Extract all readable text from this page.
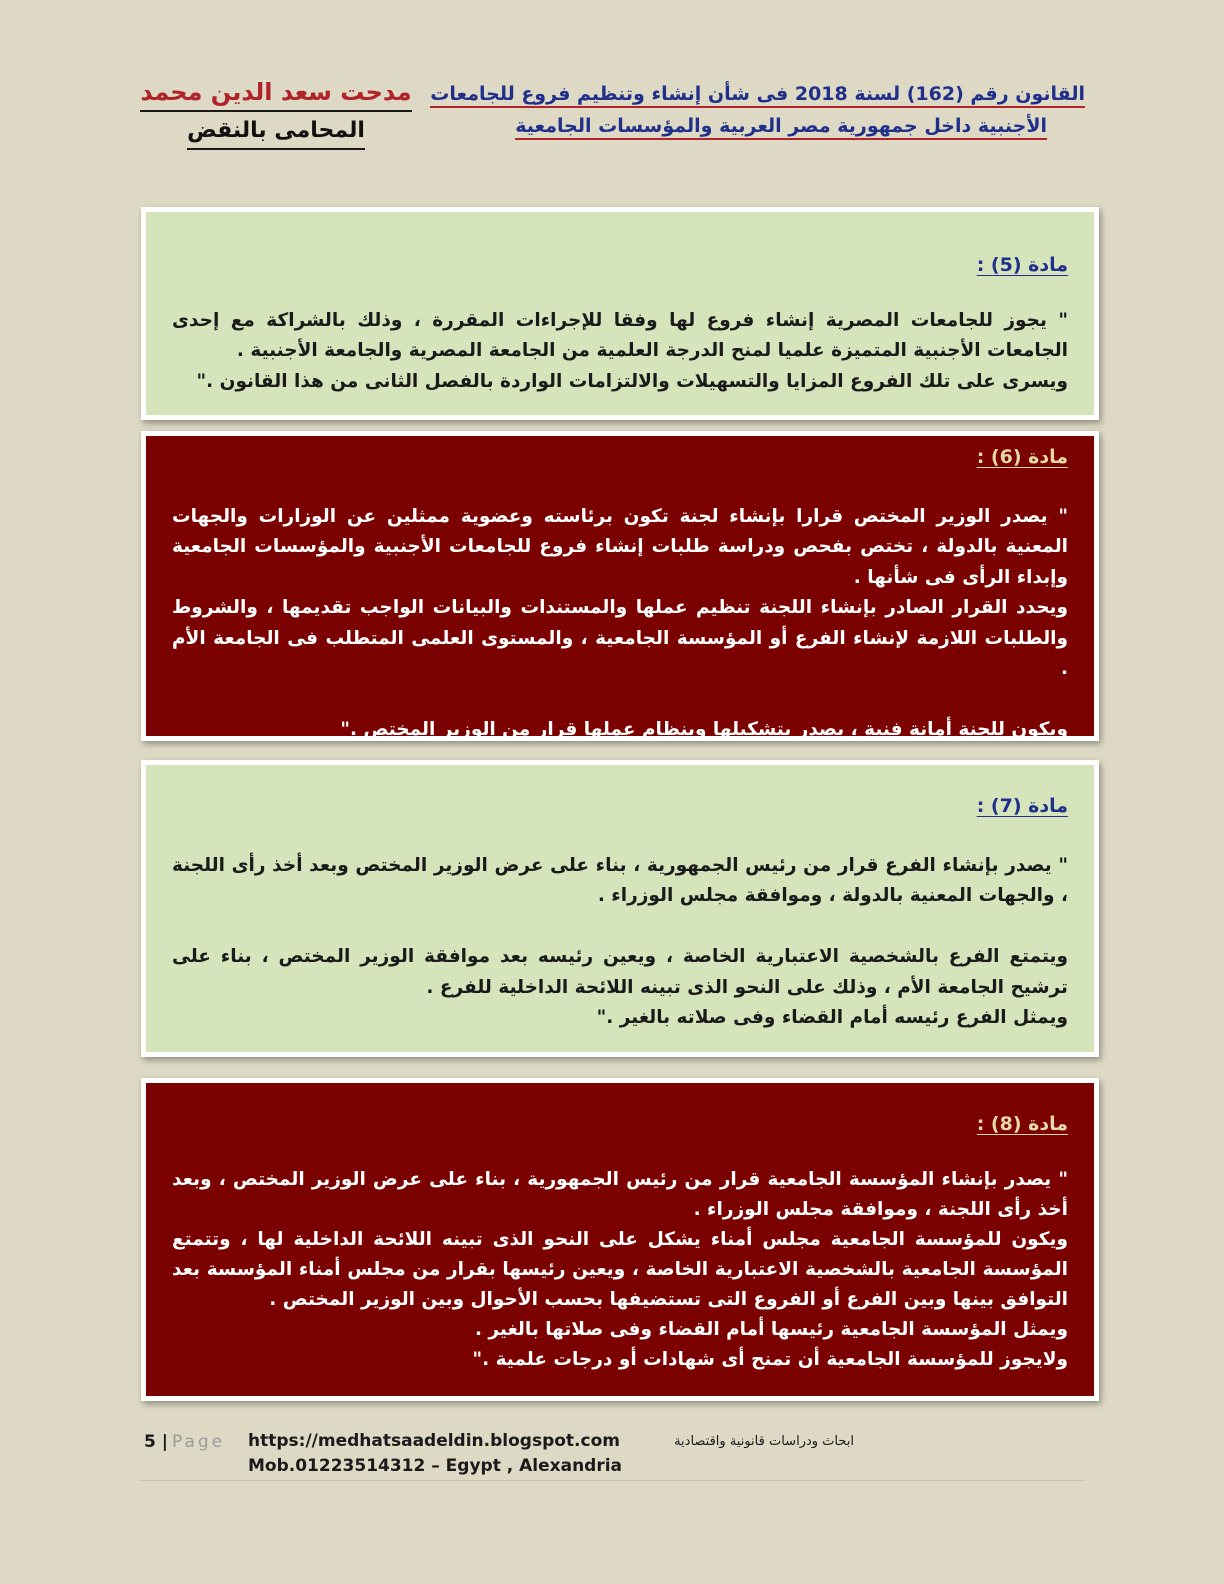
القانون رقم (162) لسنة 2018 فى شأن إنشاء وتنظيم فروع للجامعات
الأجنبية داخل جمهورية مصر العربية والمؤسسات الجامعية
مدحت سعد الدين محمد
المحامى بالنقض
مادة (5) :

" يجوز للجامعات المصرية إنشاء فروع لها وفقا للإجراءات المقررة ، وذلك بالشراكة مع إحدى الجامعات الأجنبية المتميزة علميا لمنح الدرجة العلمية من الجامعة المصرية والجامعة الأجنبية .
ويسرى على تلك الفروع المزايا والتسهيلات والالتزامات الواردة بالفصل الثانى من هذا القانون ."

مادة (6) :

" يصدر الوزير المختص قرارا بإنشاء لجنة تكون برئاسته وعضوية ممثلين عن الوزارات والجهات المعنية بالدولة ، تختص بفحص ودراسة طلبات إنشاء فروع للجامعات الأجنبية والمؤسسات الجامعية وإبداء الرأى فى شأنها .
ويحدد القرار الصادر بإنشاء اللجنة تنظيم عملها والمستندات والبيانات الواجب تقديمها ، والشروط والطلبات اللازمة لإنشاء الفرع أو المؤسسة الجامعية ، والمستوى العلمى المتطلب فى الجامعة الأم .

ويكون للجنة أمانة فنية ، يصدر بتشكيلها وبنظام عملها قرار من الوزير المختص ."

مادة (7) :

" يصدر بإنشاء الفرع قرار من رئيس الجمهورية ، بناء على عرض الوزير المختص وبعد أخذ رأى اللجنة ، والجهات المعنية بالدولة ، وموافقة مجلس الوزراء .

ويتمتع الفرع بالشخصية الاعتبارية الخاصة ، ويعين رئيسه بعد موافقة الوزير المختص ، بناء على ترشيح الجامعة الأم ، وذلك على النحو الذى تبينه اللائحة الداخلية للفرع .
ويمثل الفرع رئيسه أمام القضاء وفى صلاته بالغير ."

مادة (8) :

" يصدر بإنشاء المؤسسة الجامعية قرار من رئيس الجمهورية ، بناء على عرض الوزير المختص ، وبعد أخذ رأى اللجنة ، وموافقة مجلس الوزراء .
ويكون للمؤسسة الجامعية مجلس أمناء يشكل على النحو الذى تبينه اللائحة الداخلية لها ، وتتمتع المؤسسة الجامعية بالشخصية الاعتبارية الخاصة ، ويعين رئيسها بقرار من مجلس أمناء المؤسسة بعد التوافق بينها وبين الفرع أو الفروع التى تستضيفها بحسب الأحوال وبين الوزير المختص .
ويمثل المؤسسة الجامعية رئيسها أمام القضاء وفى صلاتها بالغير .
ولايجوز للمؤسسة الجامعية أن تمنح أى شهادات أو درجات علمية ."

5 | Page https://medhatsaadeldin.blogspot.com	ابحاث ودراسات قانونية واقتصادية
Mob.01223514312 – Egypt , Alexandria
